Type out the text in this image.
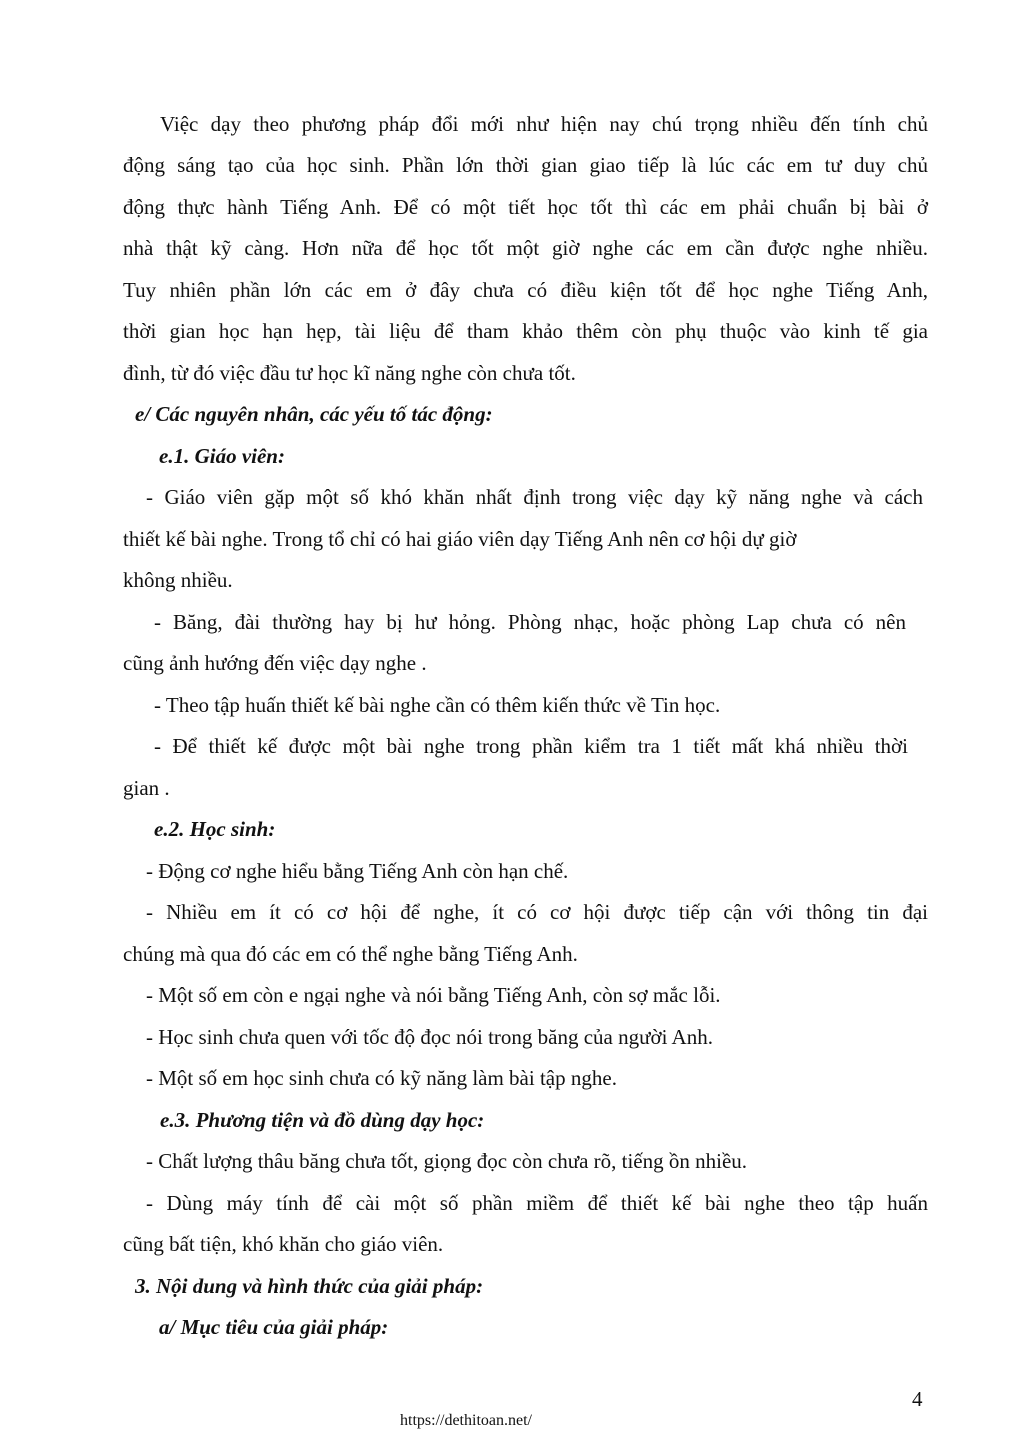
Việc dạy theo phương pháp đổi mới như hiện nay chú trọng nhiều đến tính chủ
động sáng tạo của học sinh. Phần lớn thời gian giao tiếp là lúc các em tư duy chủ
động thực hành Tiếng Anh. Để có một tiết học tốt thì các em phải chuẩn bị bài ở
nhà thật kỹ càng. Hơn nữa để học tốt một giờ nghe các em cần được nghe nhiều.
Tuy nhiên phần lớn các em ở đây chưa có điều kiện tốt để học nghe Tiếng Anh,
thời gian học hạn hẹp, tài liệu để tham khảo thêm còn phụ thuộc vào kinh tế gia
đình, từ đó việc đầu tư học kĩ năng nghe còn chưa tốt.
e/ Các nguyên nhân, các yếu tố tác động:
e.1. Giáo viên:
- Giáo viên gặp một số khó khăn nhất định trong việc dạy kỹ năng nghe và cách
thiết kế bài nghe. Trong tổ chỉ có hai giáo viên dạy Tiếng Anh nên cơ hội dự giờ
không nhiều.
- Băng, đài thường hay bị hư hỏng. Phòng nhạc, hoặc phòng Lap chưa có nên
cũng ảnh hướng đến việc dạy nghe .
- Theo tập huấn thiết kế bài nghe cần có thêm kiến thức về Tin học.
- Để thiết kế được một bài nghe trong phần kiểm tra 1 tiết mất khá nhiều thời
gian .
e.2. Học sinh:
- Động cơ nghe hiểu bằng Tiếng Anh còn hạn chế.
- Nhiều em ít có cơ hội để nghe, ít có cơ hội được tiếp cận với thông tin đại
chúng mà qua đó các em có thể nghe bằng Tiếng Anh.
- Một số em còn e ngại nghe và nói bằng Tiếng Anh, còn sợ mắc lỗi.
- Học sinh chưa quen với tốc độ đọc nói trong băng của người Anh.
- Một số em học sinh chưa có kỹ năng làm bài tập nghe.
e.3. Phương tiện và đồ dùng dạy học:
- Chất lượng thâu băng chưa tốt, giọng đọc còn chưa rõ, tiếng ồn nhiều.
- Dùng máy tính để cài một số phần miềm để thiết kế bài nghe theo tập huấn
cũng bất tiện, khó khăn cho giáo viên.
3. Nội dung và hình thức của giải pháp:
a/ Mục tiêu của giải pháp:
4
https://dethitoan.net/
